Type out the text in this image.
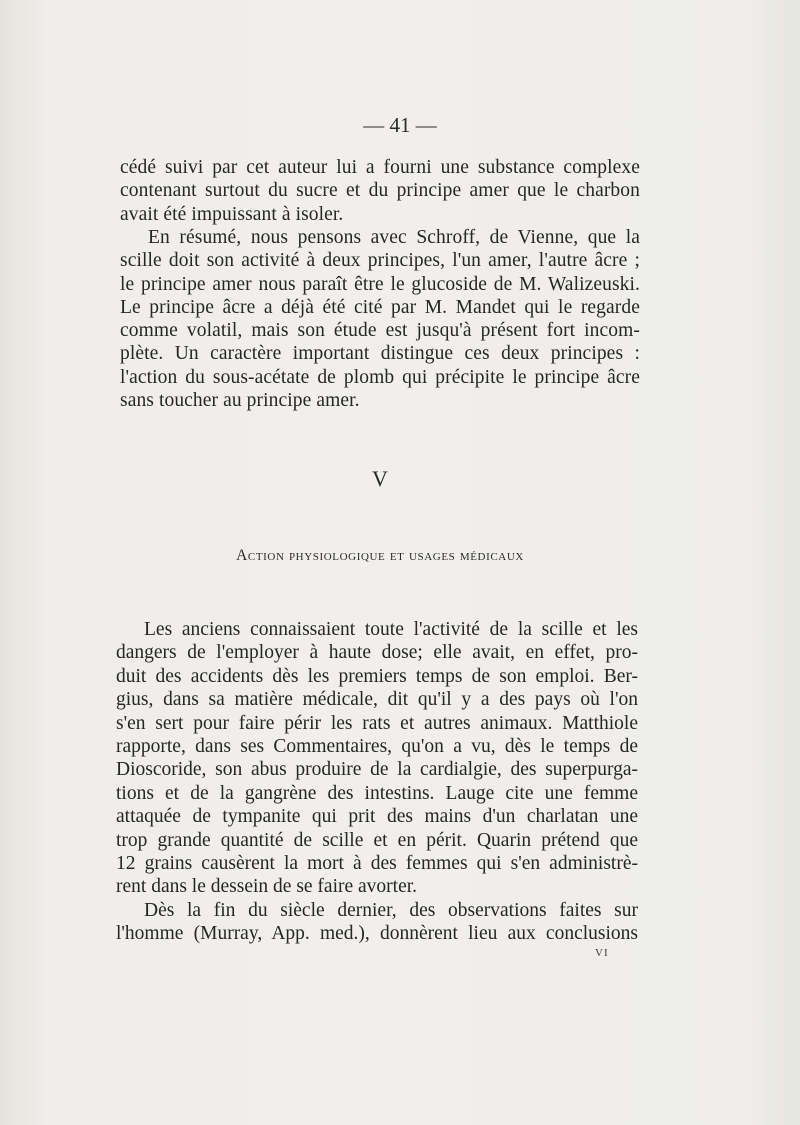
— 41 —
cédé suivi par cet auteur lui a fourni une substance complexe
contenant surtout du sucre et du principe amer que le charbon
avait été impuissant à isoler.
En résumé, nous pensons avec Schroff, de Vienne, que la
scille doit son activité à deux principes, l'un amer, l'autre âcre ;
le principe amer nous paraît être le glucoside de M. Walizeuski.
Le principe âcre a déjà été cité par M. Mandet qui le regarde
comme volatil, mais son étude est jusqu'à présent fort incom-
plète. Un caractère important distingue ces deux principes :
l'action du sous-acétate de plomb qui précipite le principe âcre
sans toucher au principe amer.
V
Action physiologique et usages médicaux
Les anciens connaissaient toute l'activité de la scille et les
dangers de l'employer à haute dose; elle avait, en effet, pro-
duit des accidents dès les premiers temps de son emploi. Ber-
gius, dans sa matière médicale, dit qu'il y a des pays où l'on
s'en sert pour faire périr les rats et autres animaux. Matthiole
rapporte, dans ses Commentaires, qu'on a vu, dès le temps de
Dioscoride, son abus produire de la cardialgie, des superpurga-
tions et de la gangrène des intestins. Lauge cite une femme
attaquée de tympanite qui prit des mains d'un charlatan une
trop grande quantité de scille et en périt. Quarin prétend que
12 grains causèrent la mort à des femmes qui s'en administrè-
rent dans le dessein de se faire avorter.
Dès la fin du siècle dernier, des observations faites sur
l'homme (Murray, App. med.), donnèrent lieu aux conclusions
VI
